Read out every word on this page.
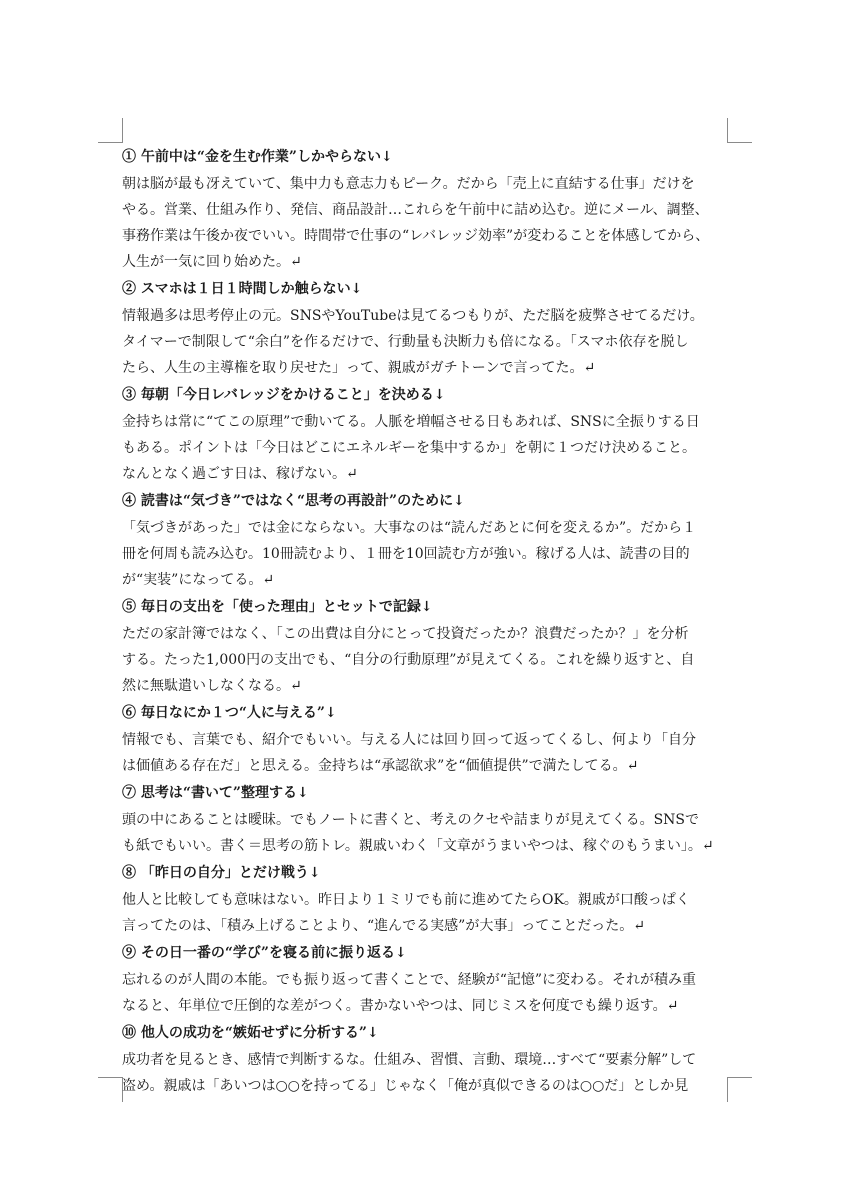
① 午前中は“金を生む作業”しかやらない↓
朝は脳が最も冴えていて、集中力も意志力もピーク。だから「売上に直結する仕事」だけを
やる。営業、仕組み作り、発信、商品設計…これらを午前中に詰め込む。逆にメール、調整、
事務作業は午後か夜でいい。時間帯で仕事の“レバレッジ効率”が変わることを体感してから、
人生が一気に回り始めた。↵
② スマホは１日１時間しか触らない↓
情報過多は思考停止の元。SNSやYouTubeは見てるつもりが、ただ脳を疲弊させてるだけ。
タイマーで制限して“余白”を作るだけで、行動量も決断力も倍になる。「スマホ依存を脱し
たら、人生の主導権を取り戻せた」って、親戚がガチトーンで言ってた。↵
③ 毎朝「今日レバレッジをかけること」を決める↓
金持ちは常に“てこの原理”で動いてる。人脈を増幅させる日もあれば、SNSに全振りする日
もある。ポイントは「今日はどこにエネルギーを集中するか」を朝に１つだけ決めること。
なんとなく過ごす日は、稼げない。↵
④ 読書は“気づき”ではなく“思考の再設計”のために↓
「気づきがあった」では金にならない。大事なのは“読んだあとに何を変えるか”。だから１
冊を何周も読み込む。10冊読むより、１冊を10回読む方が強い。稼げる人は、読書の目的
が“実装”になってる。↵
⑤ 毎日の支出を「使った理由」とセットで記録↓
ただの家計簿ではなく、「この出費は自分にとって投資だったか？浪費だったか？」を分析
する。たった1,000円の支出でも、“自分の行動原理”が見えてくる。これを繰り返すと、自
然に無駄遣いしなくなる。↵
⑥ 毎日なにか１つ“人に与える”↓
情報でも、言葉でも、紹介でもいい。与える人には回り回って返ってくるし、何より「自分
は価値ある存在だ」と思える。金持ちは“承認欲求”を“価値提供”で満たしてる。↵
⑦ 思考は“書いて”整理する↓
頭の中にあることは曖昧。でもノートに書くと、考えのクセや詰まりが見えてくる。SNSで
も紙でもいい。書く＝思考の筋トレ。親戚いわく「文章がうまいやつは、稼ぐのもうまい」。↵
⑧ 「昨日の自分」とだけ戦う↓
他人と比較しても意味はない。昨日より１ミリでも前に進めてたらOK。親戚が口酸っぱく
言ってたのは、「積み上げることより、“進んでる実感”が大事」ってことだった。↵
⑨ その日一番の“学び”を寝る前に振り返る↓
忘れるのが人間の本能。でも振り返って書くことで、経験が“記憶”に変わる。それが積み重
なると、年単位で圧倒的な差がつく。書かないやつは、同じミスを何度でも繰り返す。↵
⑩ 他人の成功を“嫉妬せずに分析する”↓
成功者を見るとき、感情で判断するな。仕組み、習慣、言動、環境…すべて“要素分解”して
盗め。親戚は「あいつは○○を持ってる」じゃなく「俺が真似できるのは○○だ」としか見
